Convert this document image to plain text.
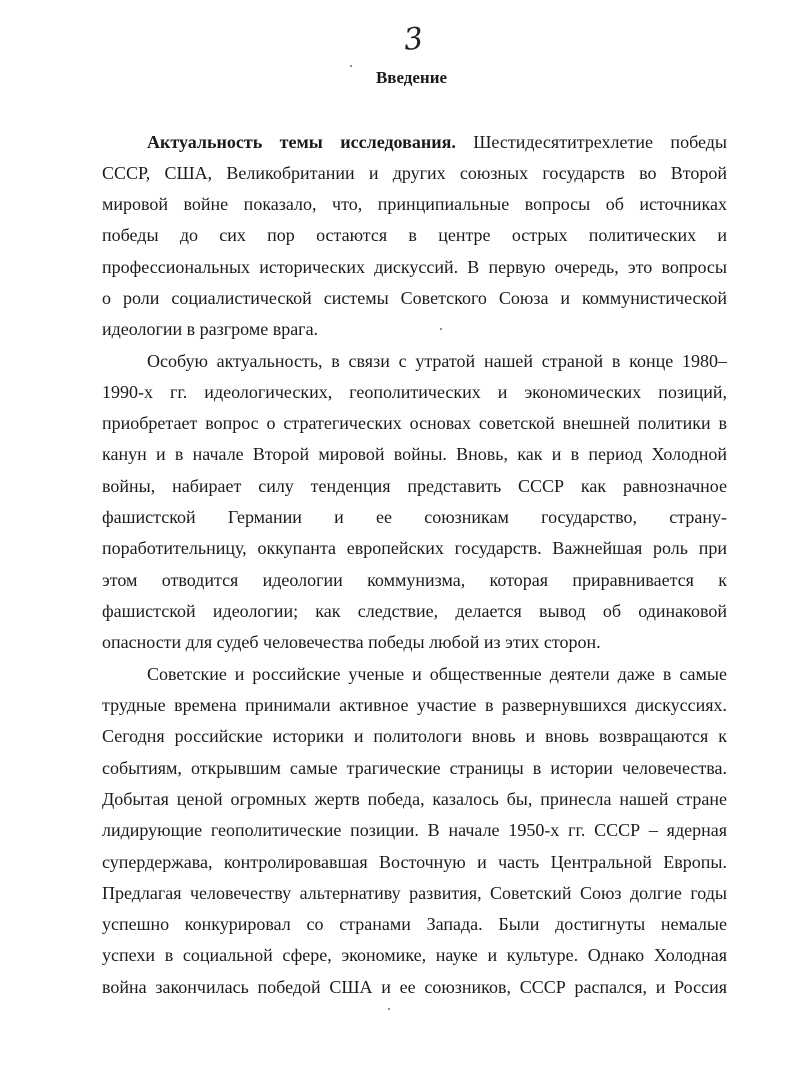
3
Введение
Актуальность темы исследования. Шестидесятитрехлетие победы
СССР, США, Великобритании и других союзных государств во Второй
мировой войне показало, что, принципиальные вопросы об источниках
победы до сих пор остаются в центре острых политических и
профессиональных исторических дискуссий. В первую очередь, это вопросы
о роли социалистической системы Советского Союза и коммунистической
идеологии в разгроме врага.
Особую актуальность, в связи с утратой нашей страной в конце 1980–
1990-х гг. идеологических, геополитических и экономических позиций,
приобретает вопрос о стратегических основах советской внешней политики в
канун и в начале Второй мировой войны. Вновь, как и в период Холодной
войны, набирает силу тенденция представить СССР как равнозначное
фашистской Германии и ее союзникам государство, страну-
поработительницу, оккупанта европейских государств. Важнейшая роль при
этом отводится идеологии коммунизма, которая приравнивается к
фашистской идеологии; как следствие, делается вывод об одинаковой
опасности для судеб человечества победы любой из этих сторон.
Советские и российские ученые и общественные деятели даже в самые
трудные времена принимали активное участие в развернувшихся дискуссиях.
Сегодня российские историки и политологи вновь и вновь возвращаются к
событиям, открывшим самые трагические страницы в истории человечества.
Добытая ценой огромных жертв победа, казалось бы, принесла нашей стране
лидирующие геополитические позиции. В начале 1950-х гг. СССР – ядерная
супердержава, контролировавшая Восточную и часть Центральной Европы.
Предлагая человечеству альтернативу развития, Советский Союз долгие годы
успешно конкурировал со странами Запада. Были достигнуты немалые
успехи в социальной сфере, экономике, науке и культуре. Однако Холодная
война закончилась победой США и ее союзников, СССР распался, и Россия
